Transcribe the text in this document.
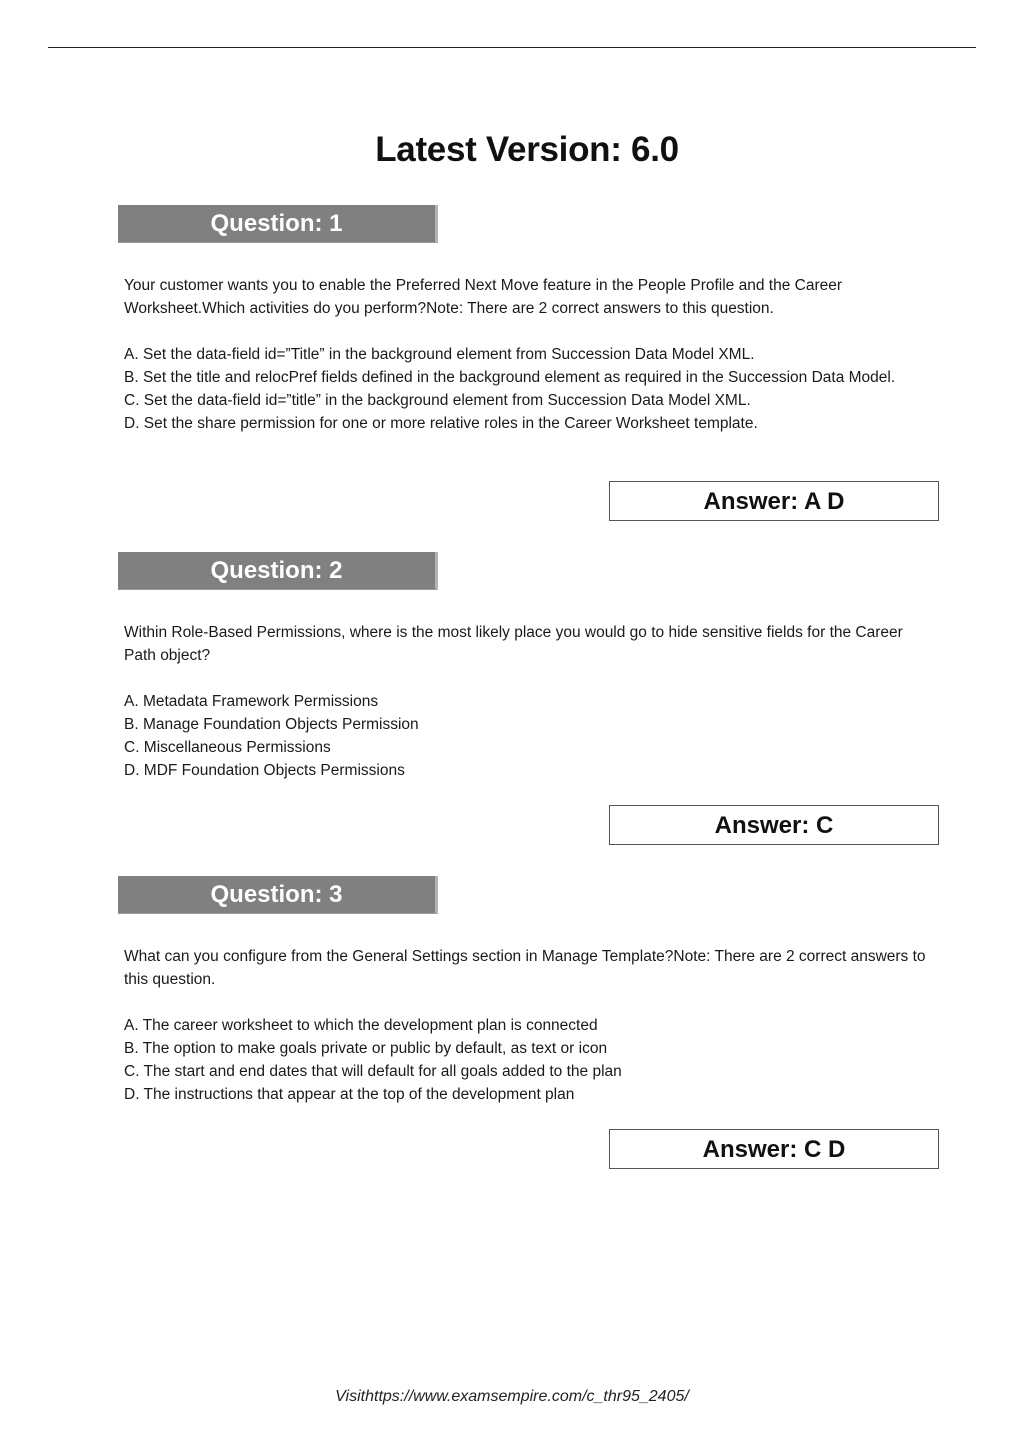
Latest Version: 6.0
Question: 1

Your customer wants you to enable the Preferred Next Move feature in the People Profile and the Career Worksheet.Which activities do you perform?Note: There are 2 correct answers to this question.

A. Set the data-field id=”Title” in the background element from Succession Data Model XML.

B. Set the title and relocPref fields defined in the background element as required in the Succession Data Model.

C. Set the data-field id=”title” in the background element from Succession Data Model XML.

D. Set the share permission for one or more relative roles in the Career Worksheet template.

Answer: A D
Question: 2

Within Role-Based Permissions, where is the most likely place you would go to hide sensitive fields for the Career Path object?

A. Metadata Framework Permissions

B. Manage Foundation Objects Permission

C. Miscellaneous Permissions

D. MDF Foundation Objects Permissions

Answer: C
Question: 3

What can you configure from the General Settings section in Manage Template?Note: There are 2 correct answers to this question.

A. The career worksheet to which the development plan is connected

B. The option to make goals private or public by default, as text or icon

C. The start and end dates that will default for all goals added to the plan

D. The instructions that appear at the top of the development plan

Answer: C D
Visithttps://www.examsempire.com/c_thr95_2405/
